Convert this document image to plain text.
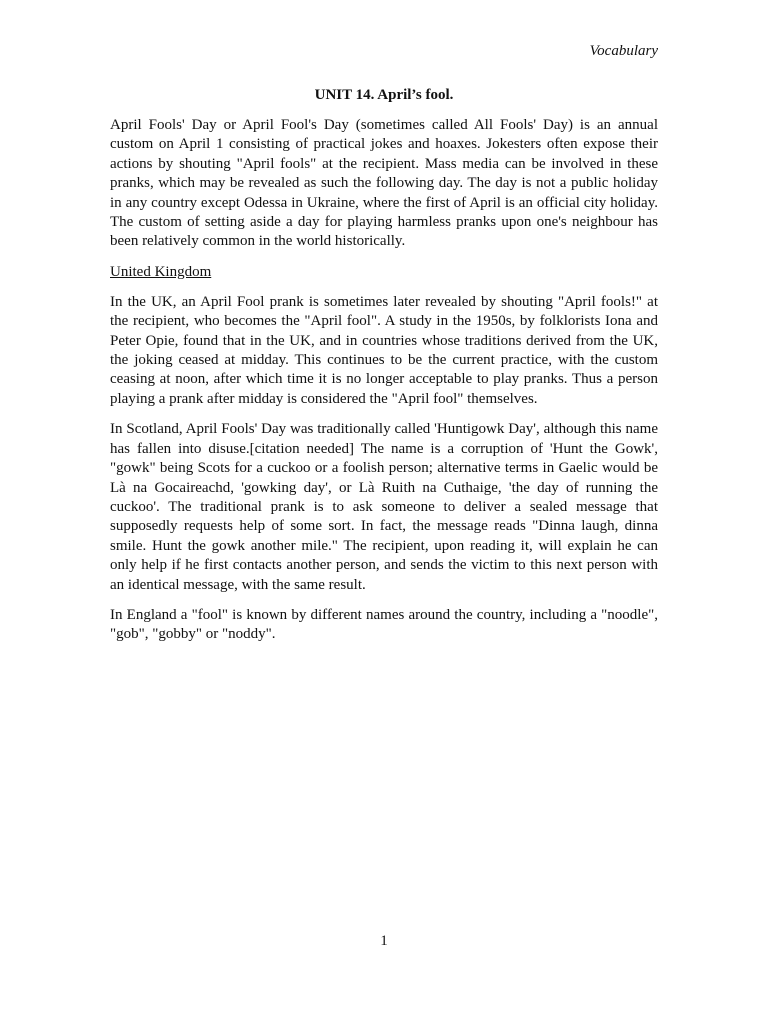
Vocabulary
UNIT 14. April’s fool.

April Fools' Day or April Fool's Day (sometimes called All Fools' Day) is an annual custom on April 1 consisting of practical jokes and hoaxes. Jokesters often expose their actions by shouting "April fools" at the recipient. Mass media can be involved in these pranks, which may be revealed as such the following day. The day is not a public holiday in any country except Odessa in Ukraine, where the first of April is an official city holiday. The custom of setting aside a day for playing harmless pranks upon one's neighbour has been relatively common in the world historically.

United Kingdom

In the UK, an April Fool prank is sometimes later revealed by shouting "April fools!" at the recipient, who becomes the "April fool". A study in the 1950s, by folklorists Iona and Peter Opie, found that in the UK, and in countries whose traditions derived from the UK, the joking ceased at midday. This continues to be the current practice, with the custom ceasing at noon, after which time it is no longer acceptable to play pranks. Thus a person playing a prank after midday is considered the "April fool" themselves.

In Scotland, April Fools' Day was traditionally called 'Huntigowk Day', although this name has fallen into disuse.[citation needed] The name is a corruption of 'Hunt the Gowk', "gowk" being Scots for a cuckoo or a foolish person; alternative terms in Gaelic would be Là na Gocaireachd, 'gowking day', or Là Ruith na Cuthaige, 'the day of running the cuckoo'. The traditional prank is to ask someone to deliver a sealed message that supposedly requests help of some sort. In fact, the message reads "Dinna laugh, dinna smile. Hunt the gowk another mile." The recipient, upon reading it, will explain he can only help if he first contacts another person, and sends the victim to this next person with an identical message, with the same result.

In England a "fool" is known by different names around the country, including a "noodle", "gob", "gobby" or "noddy".

1
